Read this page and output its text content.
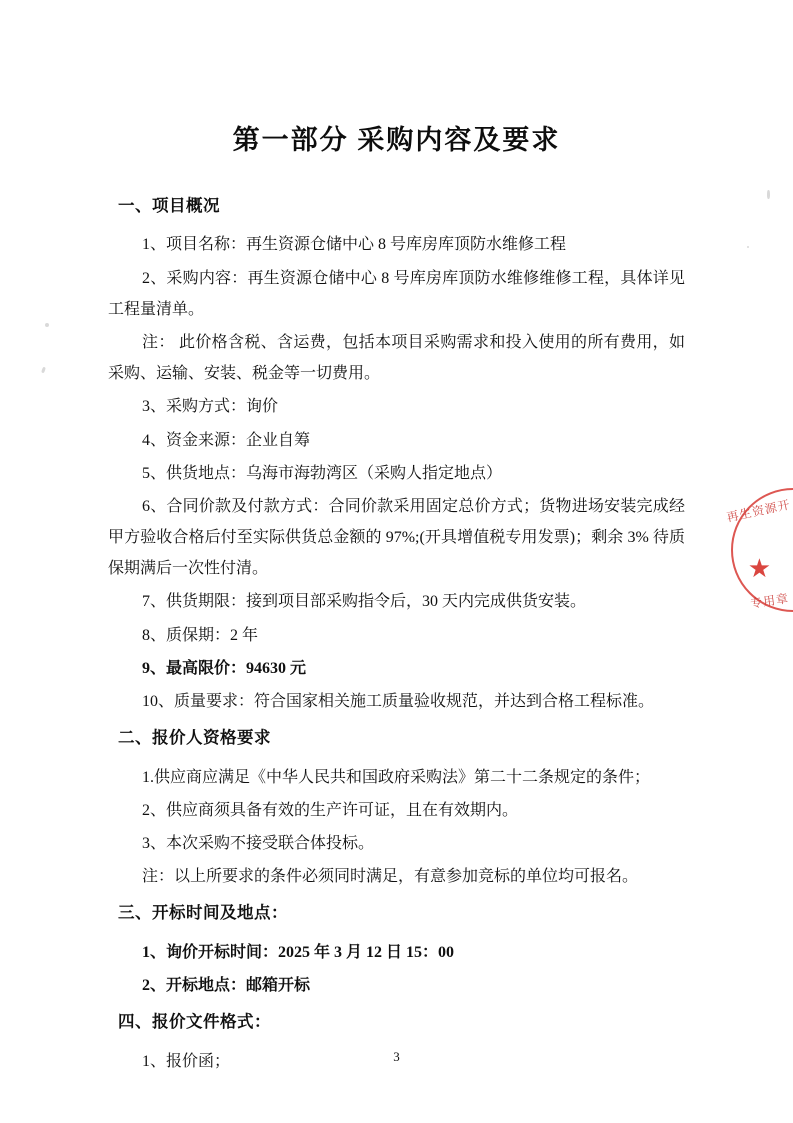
第一部分 采购内容及要求
一、项目概况

1、项目名称：再生资源仓储中心 8 号库房库顶防水维修工程

2、采购内容：再生资源仓储中心 8 号库房库顶防水维修维修工程，具体详见工程量清单。

注： 此价格含税、含运费，包括本项目采购需求和投入使用的所有费用，如采购、运输、安装、税金等一切费用。

3、采购方式：询价

4、资金来源：企业自筹

5、供货地点：乌海市海勃湾区（采购人指定地点）

6、合同价款及付款方式：合同价款采用固定总价方式；货物进场安装完成经甲方验收合格后付至实际供货总金额的 97%;(开具增值税专用发票)；剩余 3% 待质保期满后一次性付清。

7、供货期限：接到项目部采购指令后，30 天内完成供货安装。

8、质保期：2 年

9、最高限价：94630 元

10、质量要求：符合国家相关施工质量验收规范，并达到合格工程标准。

二、报价人资格要求

1.供应商应满足《中华人民共和国政府采购法》第二十二条规定的条件；

2、供应商须具备有效的生产许可证，且在有效期内。

3、本次采购不接受联合体投标。

注：以上所要求的条件必须同时满足，有意参加竞标的单位均可报名。

三、开标时间及地点：

1、询价开标时间：2025 年 3 月 12 日 15：00

2、开标地点：邮箱开标

四、报价文件格式：

1、报价函；

再生资源开
★
专用章
3
